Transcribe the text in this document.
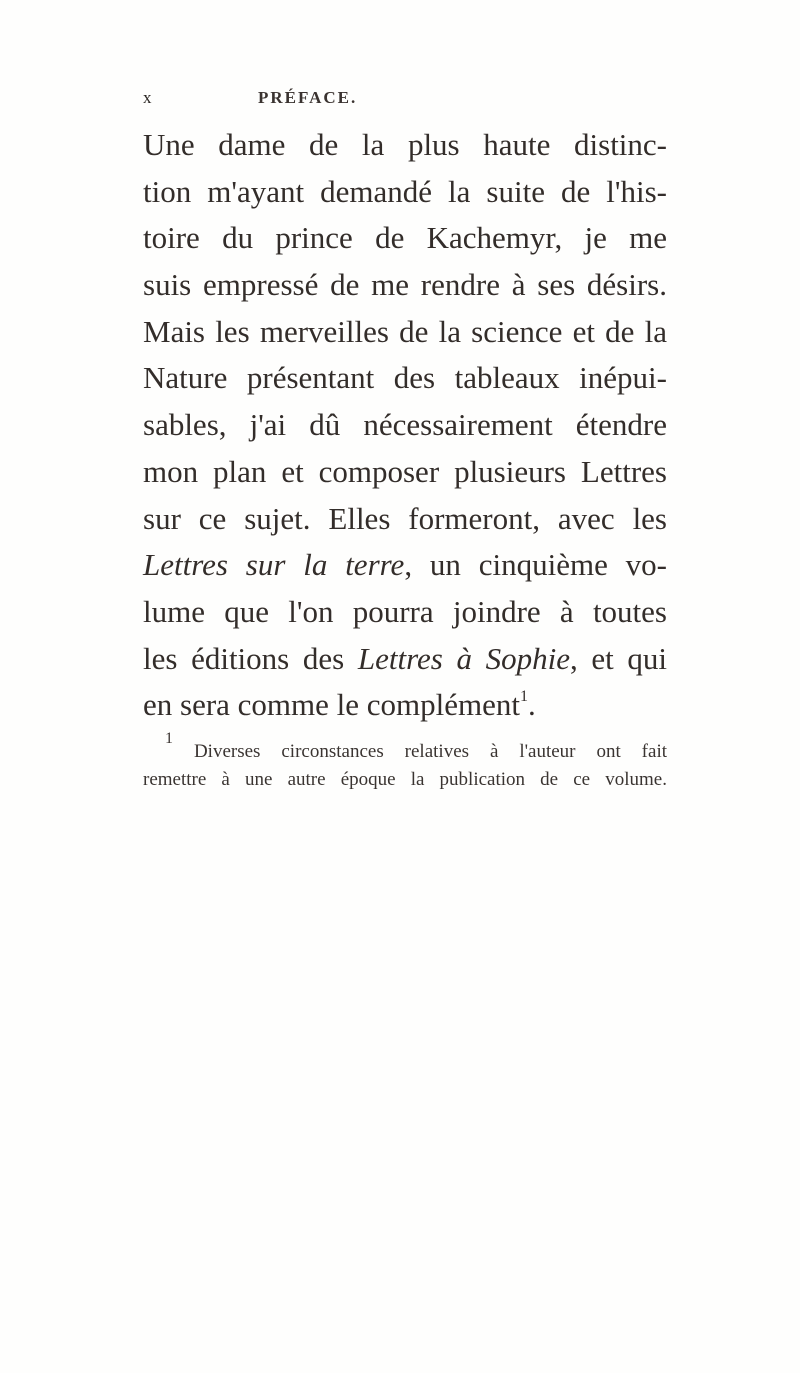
x	PRÉFACE.
Une dame de la plus haute distinc-
tion m'ayant demandé la suite de l'his-
toire du prince de Kachemyr, je me
suis empressé de me rendre à ses désirs.
Mais les merveilles de la science et de la
Nature présentant des tableaux inépui-
sables, j'ai dû nécessairement étendre
mon plan et composer plusieurs Lettres
sur ce sujet. Elles formeront, avec les
Lettres sur la terre, un cinquième vo-
lume que l'on pourra joindre à toutes
les éditions des Lettres à Sophie, et qui
en sera comme le complément$^1$.
$^1$ Diverses circonstances relatives à l'auteur ont fait
remettre à une autre époque la publication de ce volume.
